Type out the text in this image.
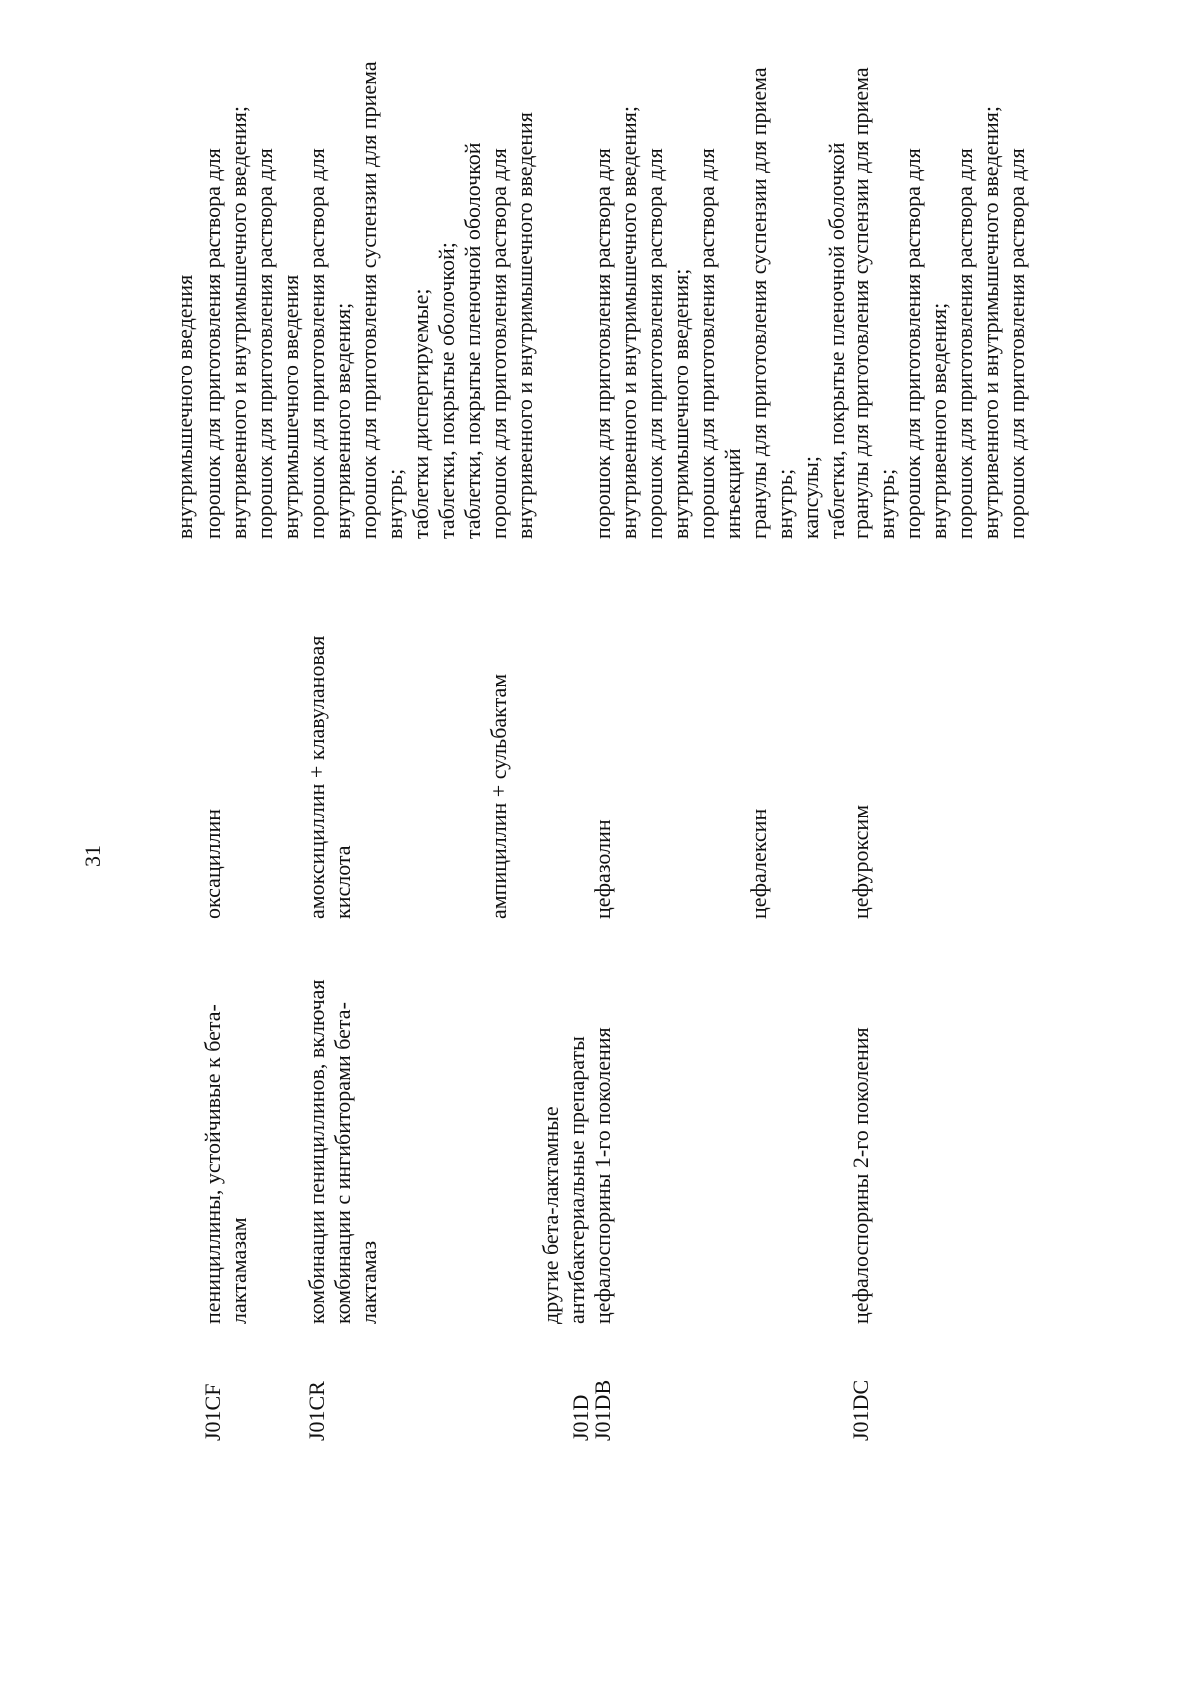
31
внутримышечного введения
J01CF
пенициллины, устойчивые к бета-
лактамазам
оксациллин
порошок для приготовления раствора для
внутривенного и внутримышечного введения;
порошок для приготовления раствора для
внутримышечного введения
J01CR
комбинации пенициллинов, включая
комбинации с ингибиторами бета-
лактамаз
амоксициллин + клавулановая
кислота
порошок для приготовления раствора для
внутривенного введения;
порошок для приготовления суспензии для приема
внутрь;
таблетки диспергируемые;
таблетки, покрытые оболочкой;
таблетки, покрытые пленочной оболочкой
ампициллин + сульбактам
порошок для приготовления раствора для
внутривенного и внутримышечного введения
J01D
другие бета-лактамные
антибактериальные препараты
J01DB
цефалоспорины 1-го поколения
цефазолин
порошок для приготовления раствора для
внутривенного и внутримышечного введения;
порошок для приготовления раствора для
внутримышечного введения;
порошок для приготовления раствора для
инъекций
цефалексин
гранулы для приготовления суспензии для приема
внутрь;
капсулы;
таблетки, покрытые пленочной оболочкой
J01DC
цефалоспорины 2-го поколения
цефуроксим
гранулы для приготовления суспензии для приема
внутрь;
порошок для приготовления раствора для
внутривенного введения;
порошок для приготовления раствора для
внутривенного и внутримышечного введения;
порошок для приготовления раствора для
